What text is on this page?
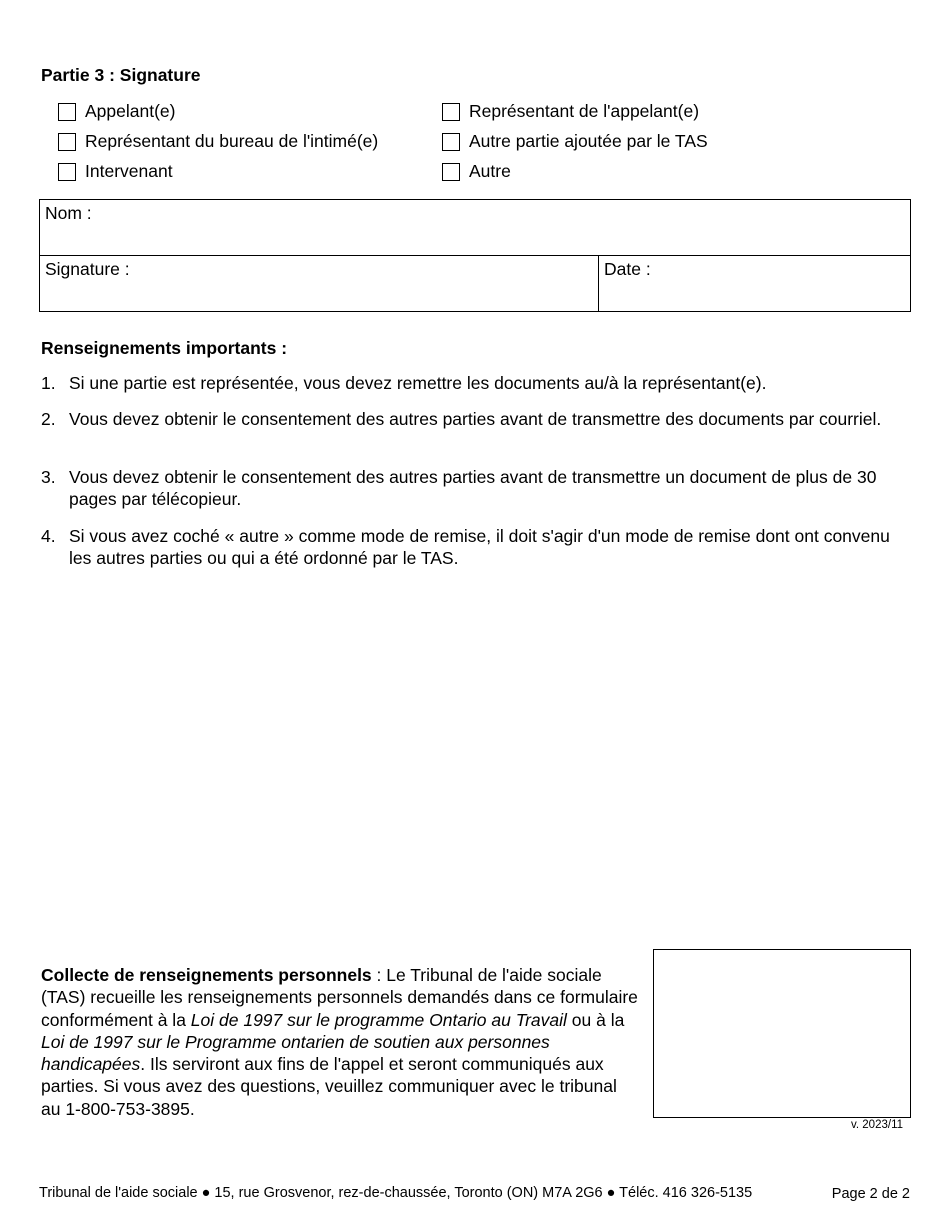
Partie 3 : Signature
Appelant(e)
Représentant du bureau de l'intimé(e)
Intervenant
Représentant de l'appelant(e)
Autre partie ajoutée par le TAS
Autre
Nom :
Signature :	Date :
Renseignements importants :
1. Si une partie est représentée, vous devez remettre les documents au/à la représentant(e).
2. Vous devez obtenir le consentement des autres parties avant de transmettre des documents par courriel.
3. Vous devez obtenir le consentement des autres parties avant de transmettre un document de plus de 30 pages par télécopieur.
4. Si vous avez coché « autre » comme mode de remise, il doit s'agir d'un mode de remise dont ont convenu les autres parties ou qui a été ordonné par le TAS.
Collecte de renseignements personnels : Le Tribunal de l'aide sociale (TAS) recueille les renseignements personnels demandés dans ce formulaire conformément à la Loi de 1997 sur le programme Ontario au Travail ou à la Loi de 1997 sur le Programme ontarien de soutien aux personnes handicapées. Ils serviront aux fins de l'appel et seront communiqués aux parties. Si vous avez des questions, veuillez communiquer avec le tribunal au 1-800-753-3895.
v. 2023/11
Tribunal de l'aide sociale ● 15, rue Grosvenor, rez-de-chaussée, Toronto (ON) M7A 2G6 ● Téléc. 416 326-5135	Page 2 de 2
